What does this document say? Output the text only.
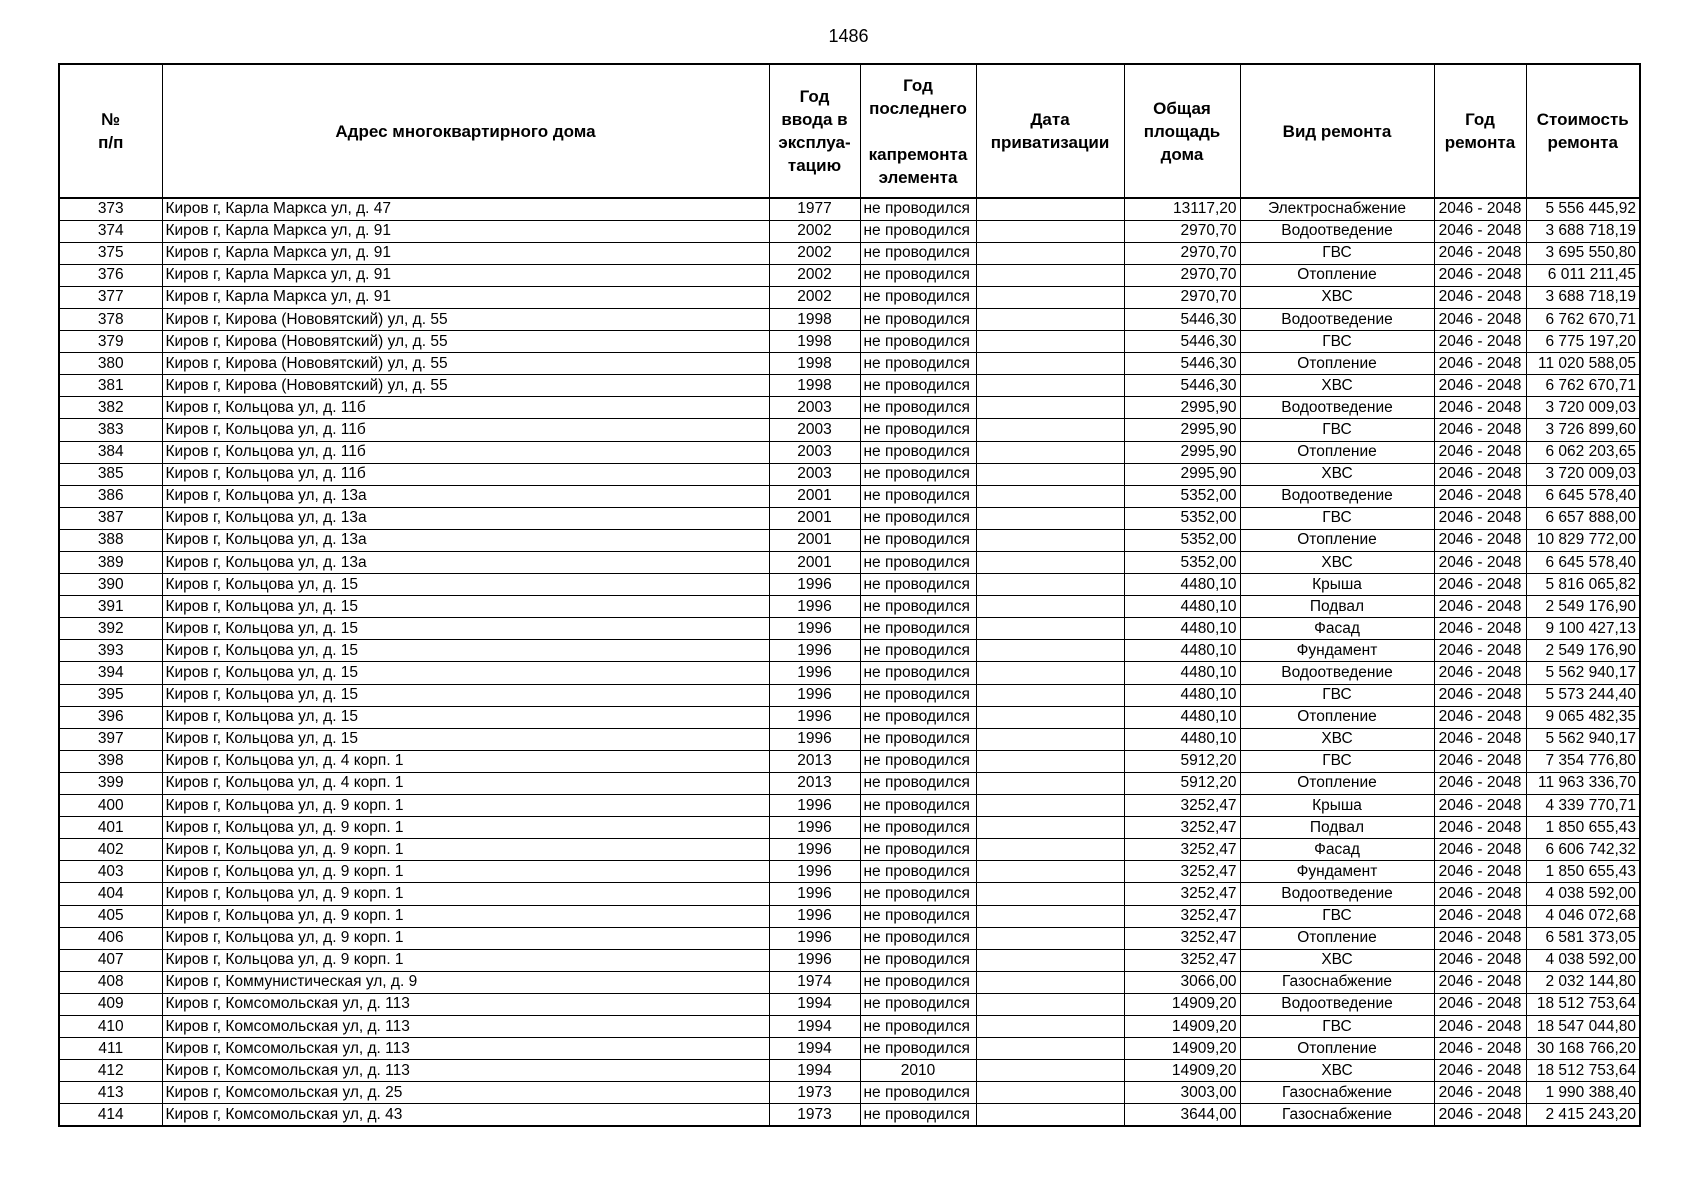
1486
№
п/п	Адрес многоквартирного дома	Год
ввода в
эксплуа-
тацию	Год
последнего

капремонта
элемента	Дата
приватизации	Общая
площадь
дома	Вид ремонта	Год
ремонта	Стоимость
ремонта
373	Киров г, Карла Маркса ул, д. 47	1977	не проводился		13117,20	Электроснабжение	2046 - 2048	5 556 445,92
374	Киров г, Карла Маркса ул, д. 91	2002	не проводился		2970,70	Водоотведение	2046 - 2048	3 688 718,19
375	Киров г, Карла Маркса ул, д. 91	2002	не проводился		2970,70	ГВС	2046 - 2048	3 695 550,80
376	Киров г, Карла Маркса ул, д. 91	2002	не проводился		2970,70	Отопление	2046 - 2048	6 011 211,45
377	Киров г, Карла Маркса ул, д. 91	2002	не проводился		2970,70	ХВС	2046 - 2048	3 688 718,19
378	Киров г, Кирова (Нововятский) ул, д. 55	1998	не проводился		5446,30	Водоотведение	2046 - 2048	6 762 670,71
379	Киров г, Кирова (Нововятский) ул, д. 55	1998	не проводился		5446,30	ГВС	2046 - 2048	6 775 197,20
380	Киров г, Кирова (Нововятский) ул, д. 55	1998	не проводился		5446,30	Отопление	2046 - 2048	11 020 588,05
381	Киров г, Кирова (Нововятский) ул, д. 55	1998	не проводился		5446,30	ХВС	2046 - 2048	6 762 670,71
382	Киров г, Кольцова ул, д. 11б	2003	не проводился		2995,90	Водоотведение	2046 - 2048	3 720 009,03
383	Киров г, Кольцова ул, д. 11б	2003	не проводился		2995,90	ГВС	2046 - 2048	3 726 899,60
384	Киров г, Кольцова ул, д. 11б	2003	не проводился		2995,90	Отопление	2046 - 2048	6 062 203,65
385	Киров г, Кольцова ул, д. 11б	2003	не проводился		2995,90	ХВС	2046 - 2048	3 720 009,03
386	Киров г, Кольцова ул, д. 13а	2001	не проводился		5352,00	Водоотведение	2046 - 2048	6 645 578,40
387	Киров г, Кольцова ул, д. 13а	2001	не проводился		5352,00	ГВС	2046 - 2048	6 657 888,00
388	Киров г, Кольцова ул, д. 13а	2001	не проводился		5352,00	Отопление	2046 - 2048	10 829 772,00
389	Киров г, Кольцова ул, д. 13а	2001	не проводился		5352,00	ХВС	2046 - 2048	6 645 578,40
390	Киров г, Кольцова ул, д. 15	1996	не проводился		4480,10	Крыша	2046 - 2048	5 816 065,82
391	Киров г, Кольцова ул, д. 15	1996	не проводился		4480,10	Подвал	2046 - 2048	2 549 176,90
392	Киров г, Кольцова ул, д. 15	1996	не проводился		4480,10	Фасад	2046 - 2048	9 100 427,13
393	Киров г, Кольцова ул, д. 15	1996	не проводился		4480,10	Фундамент	2046 - 2048	2 549 176,90
394	Киров г, Кольцова ул, д. 15	1996	не проводился		4480,10	Водоотведение	2046 - 2048	5 562 940,17
395	Киров г, Кольцова ул, д. 15	1996	не проводился		4480,10	ГВС	2046 - 2048	5 573 244,40
396	Киров г, Кольцова ул, д. 15	1996	не проводился		4480,10	Отопление	2046 - 2048	9 065 482,35
397	Киров г, Кольцова ул, д. 15	1996	не проводился		4480,10	ХВС	2046 - 2048	5 562 940,17
398	Киров г, Кольцова ул, д. 4 корп. 1	2013	не проводился		5912,20	ГВС	2046 - 2048	7 354 776,80
399	Киров г, Кольцова ул, д. 4 корп. 1	2013	не проводился		5912,20	Отопление	2046 - 2048	11 963 336,70
400	Киров г, Кольцова ул, д. 9 корп. 1	1996	не проводился		3252,47	Крыша	2046 - 2048	4 339 770,71
401	Киров г, Кольцова ул, д. 9 корп. 1	1996	не проводился		3252,47	Подвал	2046 - 2048	1 850 655,43
402	Киров г, Кольцова ул, д. 9 корп. 1	1996	не проводился		3252,47	Фасад	2046 - 2048	6 606 742,32
403	Киров г, Кольцова ул, д. 9 корп. 1	1996	не проводился		3252,47	Фундамент	2046 - 2048	1 850 655,43
404	Киров г, Кольцова ул, д. 9 корп. 1	1996	не проводился		3252,47	Водоотведение	2046 - 2048	4 038 592,00
405	Киров г, Кольцова ул, д. 9 корп. 1	1996	не проводился		3252,47	ГВС	2046 - 2048	4 046 072,68
406	Киров г, Кольцова ул, д. 9 корп. 1	1996	не проводился		3252,47	Отопление	2046 - 2048	6 581 373,05
407	Киров г, Кольцова ул, д. 9 корп. 1	1996	не проводился		3252,47	ХВС	2046 - 2048	4 038 592,00
408	Киров г, Коммунистическая ул, д. 9	1974	не проводился		3066,00	Газоснабжение	2046 - 2048	2 032 144,80
409	Киров г, Комсомольская ул, д. 113	1994	не проводился		14909,20	Водоотведение	2046 - 2048	18 512 753,64
410	Киров г, Комсомольская ул, д. 113	1994	не проводился		14909,20	ГВС	2046 - 2048	18 547 044,80
411	Киров г, Комсомольская ул, д. 113	1994	не проводился		14909,20	Отопление	2046 - 2048	30 168 766,20
412	Киров г, Комсомольская ул, д. 113	1994	2010		14909,20	ХВС	2046 - 2048	18 512 753,64
413	Киров г, Комсомольская ул, д. 25	1973	не проводился		3003,00	Газоснабжение	2046 - 2048	1 990 388,40
414	Киров г, Комсомольская ул, д. 43	1973	не проводился		3644,00	Газоснабжение	2046 - 2048	2 415 243,20
